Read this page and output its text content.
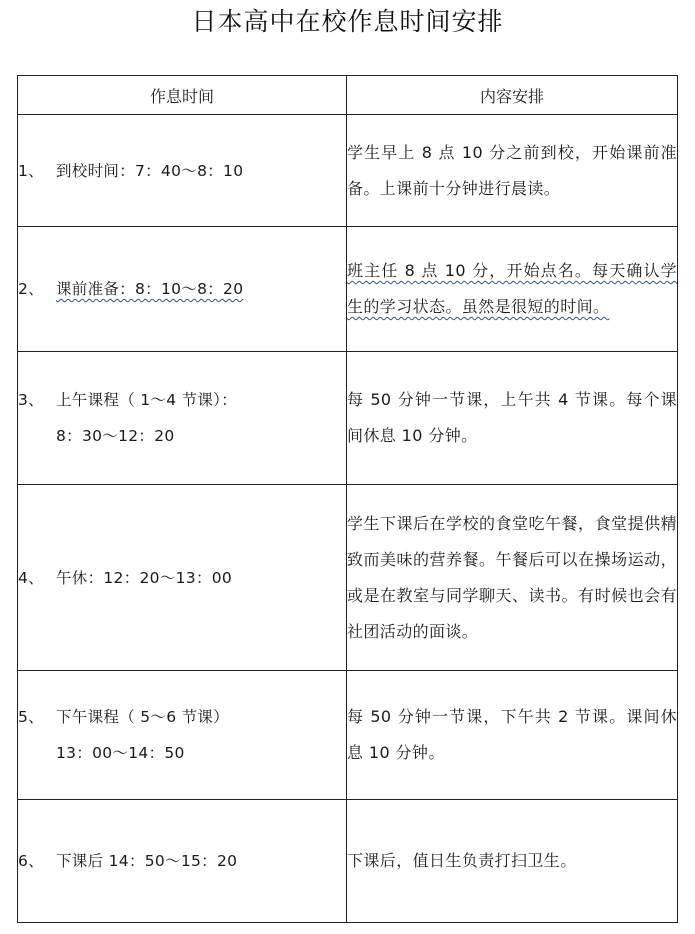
日本高中在校作息时间安排
作息时间	内容安排

1、 到校时间：7：40～8：10	学生早上 8 点 10 分之前到校，开始课前准备。上课前十分钟进行晨读。

2、 课前准备：8：10～8：20	班主任 8 点 10 分，开始点名。每天确认学生的学习状态。虽然是很短的时间。

3、 上午课程（ 1～4 节课）：
8：30～12：20	每 50 分钟一节课，上午共 4 节课。每个课间休息 10 分钟。

4、 午休：12：20～13：00	学生下课后在学校的食堂吃午餐，食堂提供精致而美味的营养餐。午餐后可以在操场运动，或是在教室与同学聊天、读书。有时候也会有社团活动的面谈。

5、 下午课程（ 5～6 节课）
13：00～14：50	每 50 分钟一节课，下午共 2 节课。课间休息 10 分钟。

6、 下课后 14：50～15：20	下课后，值日生负责打扫卫生。
